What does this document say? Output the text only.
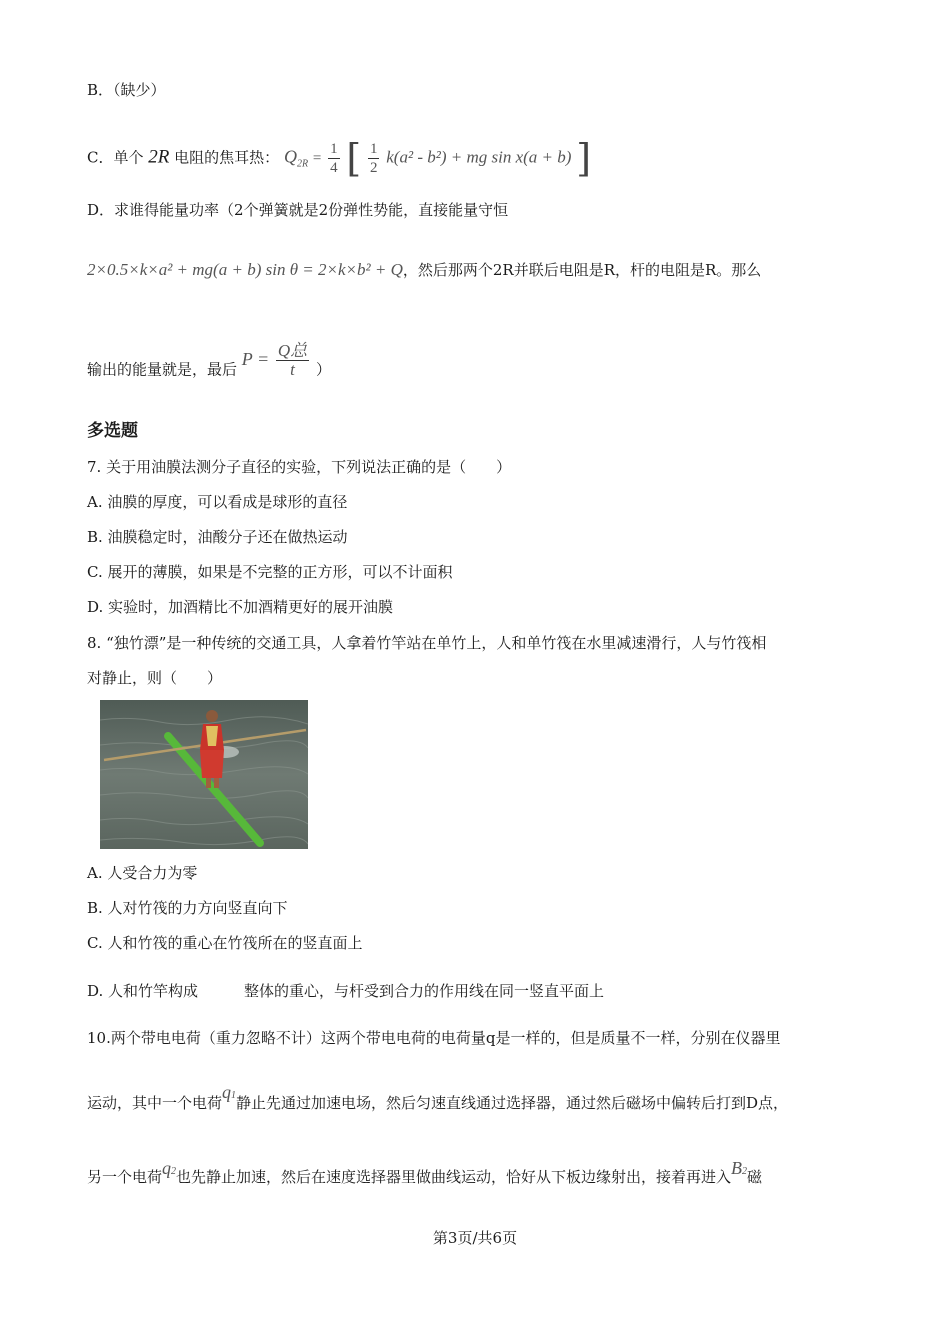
B．（缺少）
C．单个 2R 电阻的焦耳热： $Q_{2R} = \frac{1}{4}$ [ $\frac{1}{2} k(a^2 - b^2)$ + mg sin x(a + b) ]
D．求谁得能量功率（2个弹簧就是2份弹性势能，直接能量守恒
2×0.5×k×a² + mg(a + b) sin θ = 2×k×b² + Q，然后那两个2R并联后电阻是R，杆的电阻是R。那么
输出的能量就是，最后 $P = \frac{\text{Q总}}{t}$ ）
多选题
7. 关于用油膜法测分子直径的实验，下列说法正确的是（　　）
A. 油膜的厚度，可以看成是球形的直径
B. 油膜稳定时，油酸分子还在做热运动
C. 展开的薄膜，如果是不完整的正方形，可以不计面积
D. 实验时，加酒精比不加酒精更好的展开油膜
8. “独竹漂”是一种传统的交通工具，人拿着竹竿站在单竹上，人和单竹筏在水里减速滑行，人与竹筏相
对静止，则（　　）
A. 人受合力为零
B. 人对竹筏的力方向竖直向下
C. 人和竹筏的重心在竹筏所在的竖直面上
D. 人和竹竿构成	整体的重心，与杆受到合力的作用线在同一竖直平面上
10.两个带电电荷（重力忽略不计）这两个带电电荷的电荷量q是一样的，但是质量不一样，分别在仪器里
运动，其中一个电荷$q_1$静止先通过加速电场，然后匀速直线通过选择器，通过然后磁场中偏转后打到D点，
另一个电荷$q_2$也先静止加速，然后在速度选择器里做曲线运动，恰好从下板边缘射出，接着再进入$B_2$磁
第3页/共6页
